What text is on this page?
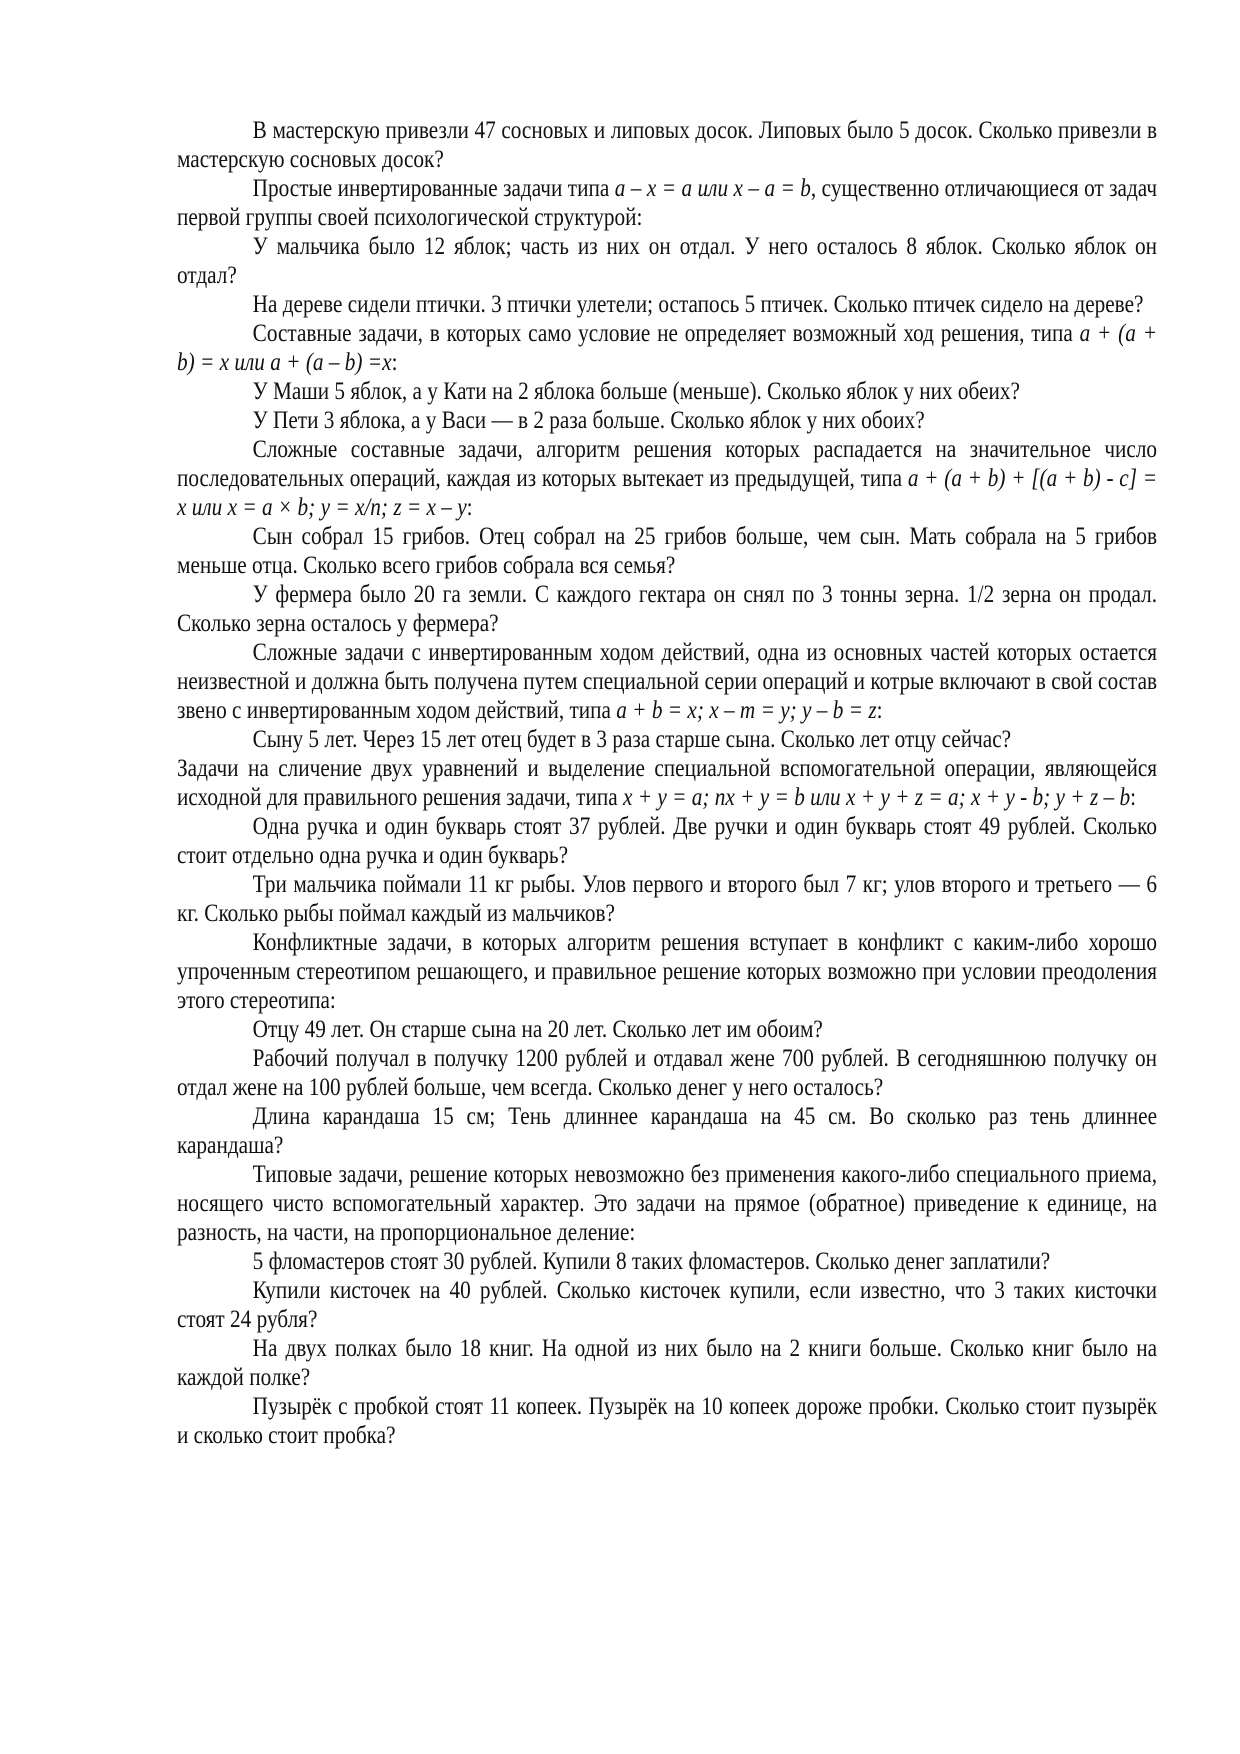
В мастерскую привезли 47 сосновых и липовых досок. Липовых было 5 досок. Сколько привезли в мастерскую сосновых досок?

Простые инвертированные задачи типа a – x = a или x – a = b, существенно отличающиеся от задач первой группы своей психологической структурой:

У мальчика было 12 яблок; часть из них он отдал. У него осталось 8 яблок. Сколько яблок он отдал?

На дереве сидели птички. 3 птички улетели; остапось 5 птичек. Сколько птичек сидело на дереве?

Составные задачи, в которых само условие не определяет возможный ход решения, типа a + (a + b) = x или a + (a – b) =x:

У Маши 5 яблок, а у Кати на 2 яблока больше (меньше). Сколько яблок у них обеих?

У Пети 3 яблока, а у Васи — в 2 раза больше. Сколько яблок у них обоих?

Сложные составные задачи, алгоритм решения которых распадается на значительное число последовательных операций, каждая из которых вытекает из предыдущей, типа a + (a + b) + [(a + b) - c] = x или x = a × b; y = x/n; z = x – y:

Сын собрал 15 грибов. Отец собрал на 25 грибов больше, чем сын. Мать собрала на 5 грибов меньше отца. Сколько всего грибов собрала вся семья?

У фермера было 20 га земли. С каждого гектара он снял по 3 тонны зерна. 1/2 зерна он продал. Сколько зерна осталось у фермера?

Сложные задачи с инвертированным ходом действий, одна из основных частей которых остается неизвестной и должна быть получена путем специальной серии операций и котрые включают в свой состав звено с инвертированным ходом действий, типа a + b = x; x – m = y; y – b = z:

Сыну 5 лет. Через 15 лет отец будет в 3 раза старше сына. Сколько лет отцу сейчас?

Задачи на сличение двух уравнений и выделение специальной вспомогательной операции, являющейся исходной для правильного решения задачи, типа x + y = a; nx + y = b или x + y + z = a; x + y - b; y + z – b:

Одна ручка и один букварь стоят 37 рублей. Две ручки и один букварь стоят 49 рублей. Сколько стоит отдельно одна ручка и один букварь?

Три мальчика поймали 11 кг рыбы. Улов первого и второго был 7 кг; улов второго и третьего — 6 кг. Сколько рыбы поймал каждый из мальчиков?

Конфликтные задачи, в которых алгоритм решения вступает в конфликт с каким-либо хорошо упроченным стереотипом решающего, и правильное решение которых возможно при условии преодоления этого стереотипа:

Отцу 49 лет. Он старше сына на 20 лет. Сколько лет им обоим?

Рабочий получал в получку 1200 рублей и отдавал жене 700 рублей. В сегодняшнюю получку он отдал жене на 100 рублей больше, чем всегда. Сколько денег у него осталось?

Длина карандаша 15 см; Тень длиннее карандаша на 45 см. Во сколько раз тень длиннее карандаша?

Типовые задачи, решение которых невозможно без применения какого-либо специального приема, носящего чисто вспомогательный характер. Это задачи на прямое (обратное) приведение к единице, на разность, на части, на пропорциональное деление:

5 фломастеров стоят 30 рублей. Купили 8 таких фломастеров. Сколько денег заплатили?

Купили кисточек на 40 рублей. Сколько кисточек купили, если известно, что 3 таких кисточки стоят 24 рубля?

На двух полках было 18 книг. На одной из них было на 2 книги больше. Сколько книг было на каждой полке?

Пузырёк с пробкой стоят 11 копеек. Пузырёк на 10 копеек дороже пробки. Сколько стоит пузырёк и сколько стоит пробка?
